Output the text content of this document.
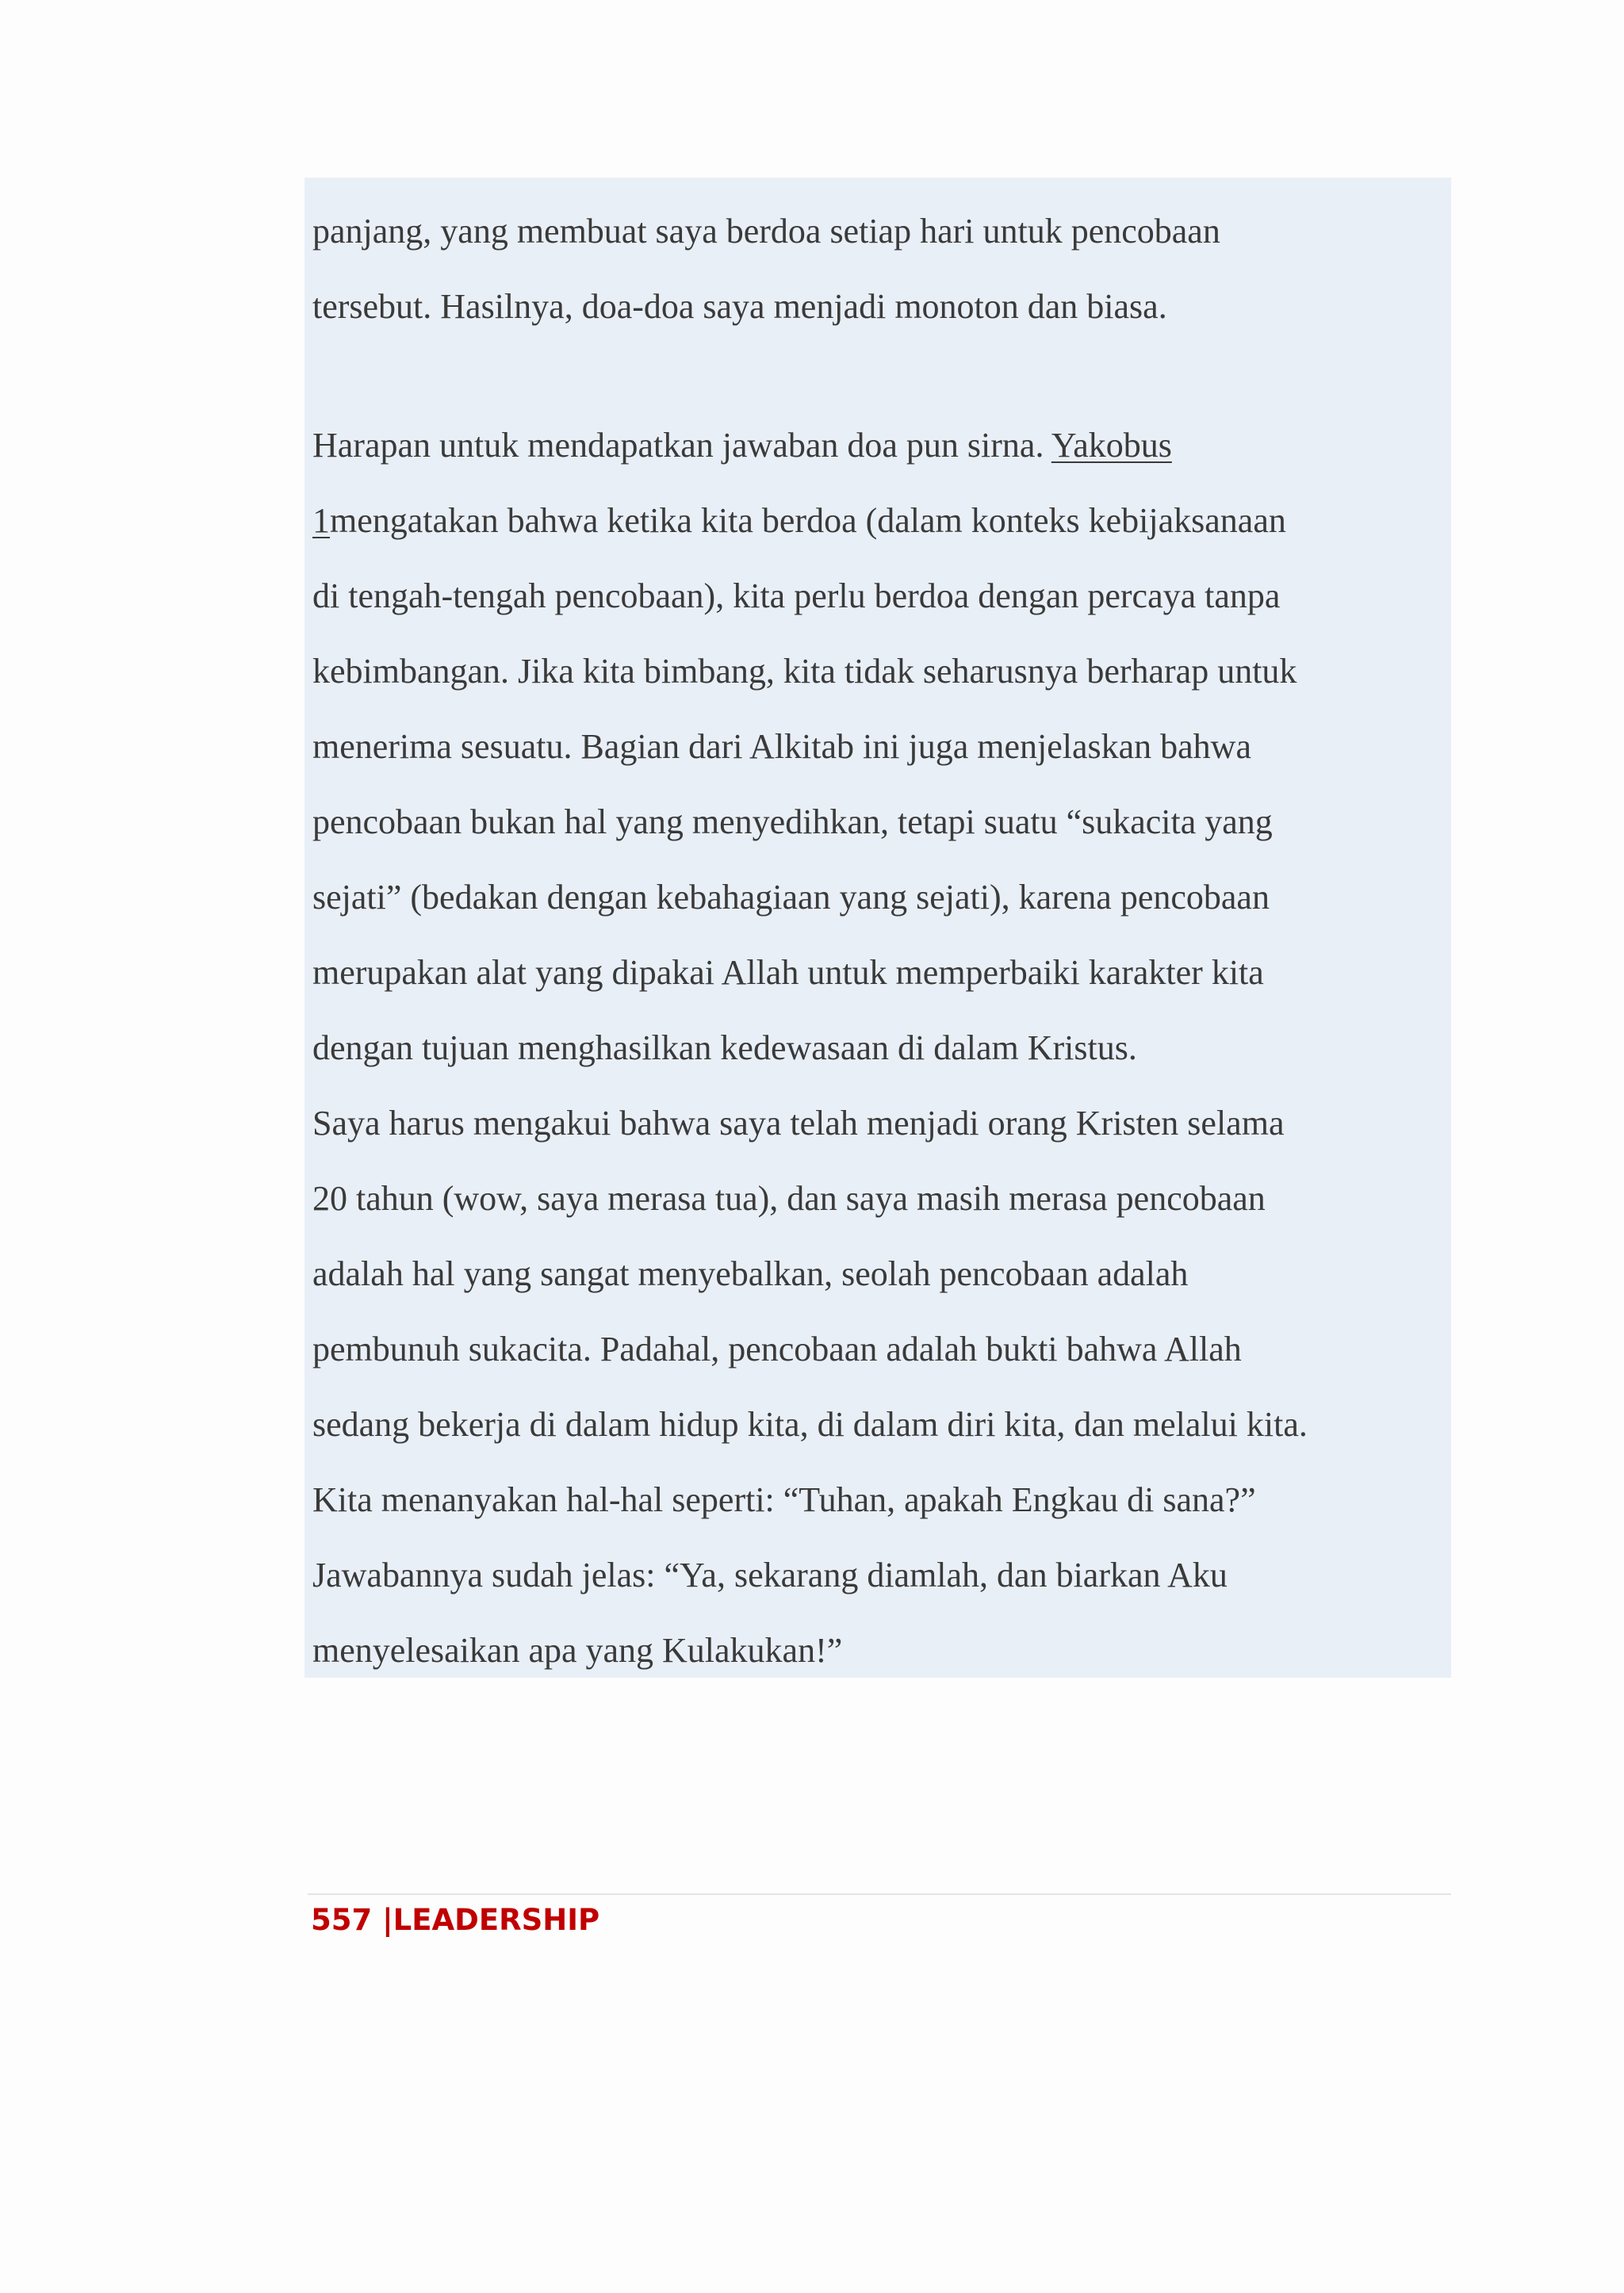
panjang, yang membuat saya berdoa setiap hari untuk pencobaan
tersebut. Hasilnya, doa-doa saya menjadi monoton dan biasa.
Harapan untuk mendapatkan jawaban doa pun sirna. Yakobus
1mengatakan bahwa ketika kita berdoa (dalam konteks kebijaksanaan
di tengah-tengah pencobaan), kita perlu berdoa dengan percaya tanpa
kebimbangan. Jika kita bimbang, kita tidak seharusnya berharap untuk
menerima sesuatu. Bagian dari Alkitab ini juga menjelaskan bahwa
pencobaan bukan hal yang menyedihkan, tetapi suatu “sukacita yang
sejati” (bedakan dengan kebahagiaan yang sejati), karena pencobaan
merupakan alat yang dipakai Allah untuk memperbaiki karakter kita
dengan tujuan menghasilkan kedewasaan di dalam Kristus.
Saya harus mengakui bahwa saya telah menjadi orang Kristen selama
20 tahun (wow, saya merasa tua), dan saya masih merasa pencobaan
adalah hal yang sangat menyebalkan, seolah pencobaan adalah
pembunuh sukacita. Padahal, pencobaan adalah bukti bahwa Allah
sedang bekerja di dalam hidup kita, di dalam diri kita, dan melalui kita.
Kita menanyakan hal-hal seperti: “Tuhan, apakah Engkau di sana?”
Jawabannya sudah jelas: “Ya, sekarang diamlah, dan biarkan Aku
menyelesaikan apa yang Kulakukan!”
557 |LEADERSHIP
